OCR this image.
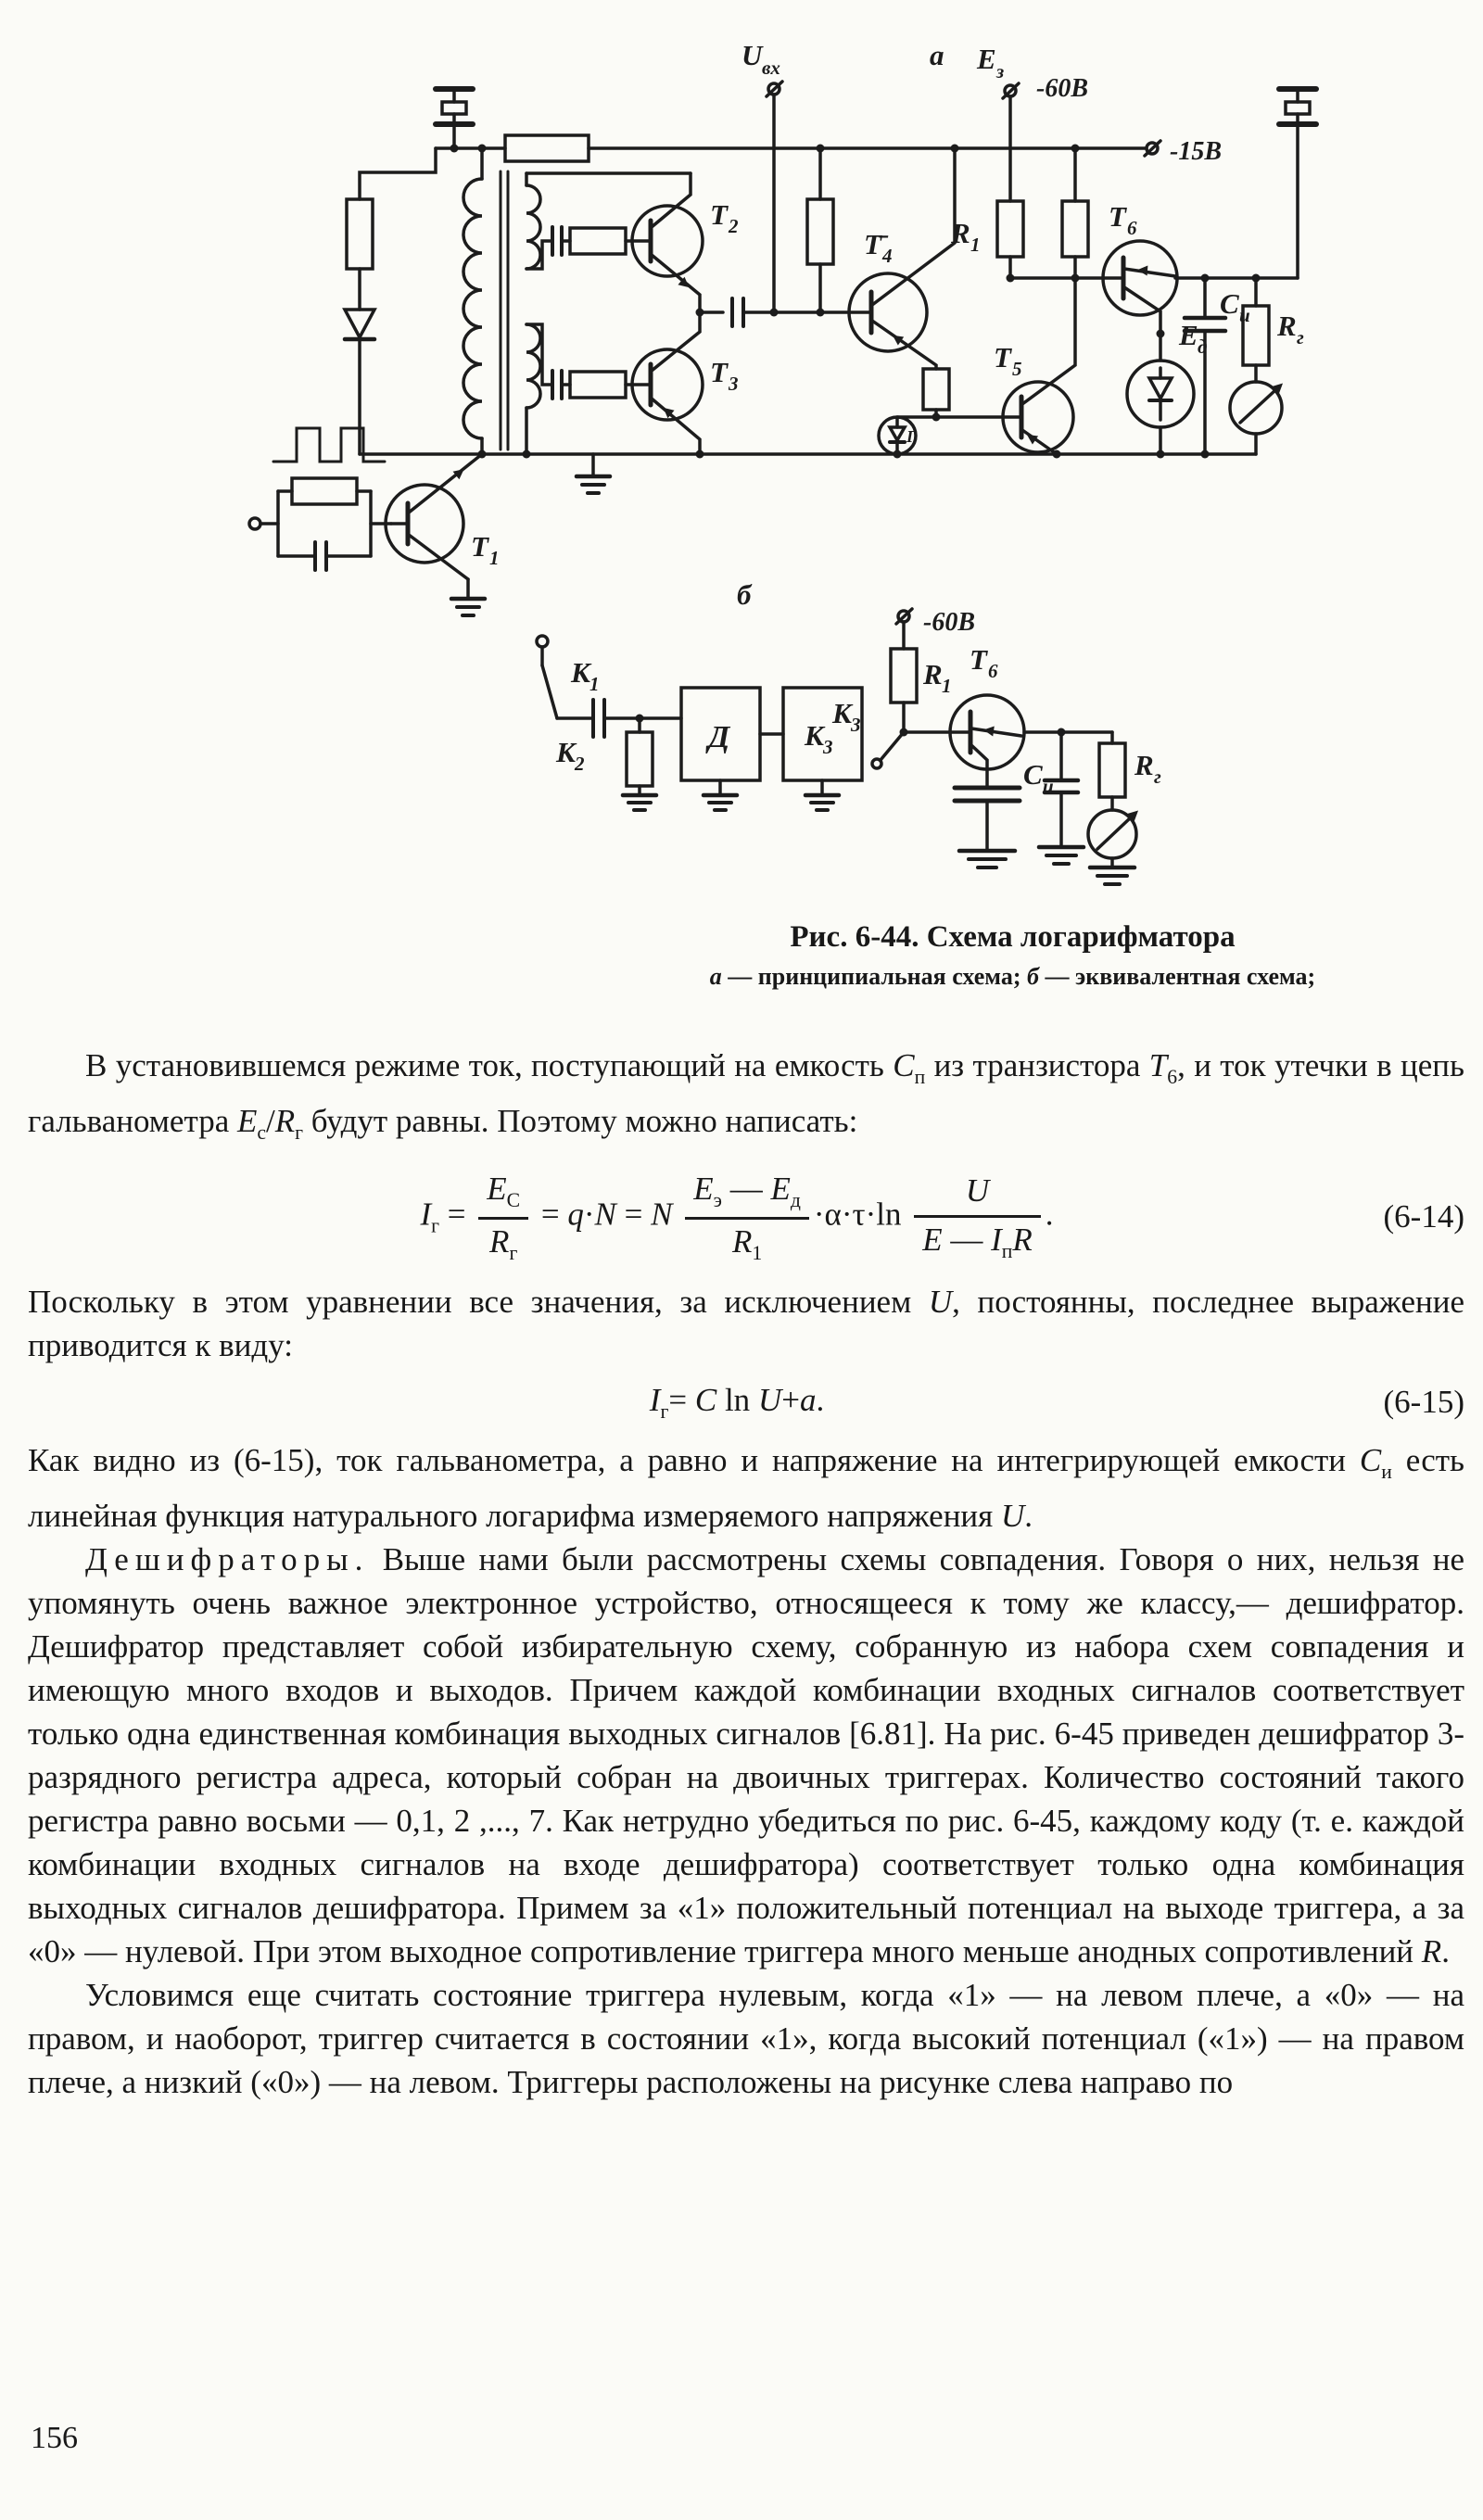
U вх	а Е з
-60В
-15В
R 1
Т 1
Т 2
Т 3
Т̄ 4
Т 5
Т 6
Е д
Г
С и R г
б
К
1
К
2
Д	К
3
К
3
-60В
R 1
Т 6
С и
R г
Рис. 6-44. Схема логарифматора
а — принципиальная схема; б — эквивалентная схема;

В установившемся режиме ток, поступающий на емкость $С_п$ из транзистора $Т_6$, и ток утечки в цепь гальванометра $Е_с/R_г$ будут равны. Поэтому можно написать:

$I_г = \frac{Е_С}{R_г} = q\cdot N = N \frac{Е_э — Е_д}{R_1} \cdot\alpha\cdot\tau\cdot\ln \frac{U}{Е — I_пR}$ .	(6-14)

Поскольку в этом уравнении все значения, за исключением U, постоянны, последнее выражение приводится к виду:

$I_г= C$ ln U+a.	(6-15)

Как видно из (6-15), ток гальванометра, а равно и напряжение на интегрирующей емкости $С_и$ есть линейная функция натурального логарифма измеряемого напряжения U.

Дешифраторы. Выше нами были рассмотрены схемы совпадения. Говоря о них, нельзя не упомянуть очень важное электронное устройство, относящееся к тому же классу,— дешифратор. Дешифратор представляет собой избирательную схему, собранную из набора схем совпадения и имеющую много входов и выходов. Причем каждой комбинации входных сигналов соответствует только одна единственная комбинация выходных сигналов [6.81]. На рис. 6-45 приведен дешифратор 3-разрядного регистра адреса, который собран на двоичных триггерах. Количество состояний такого регистра равно восьми — 0,1, 2 ,..., 7. Как нетрудно убедиться по рис. 6-45, каждому коду (т. е. каждой комбинации входных сигналов на входе дешифратора) соответствует только одна комбинация выходных сигналов дешифратора. Примем за «1» положительный потенциал на выходе триггера, а за «0» — нулевой. При этом выходное сопротивление триггера много меньше анодных сопротивлений R.

Условимся еще считать состояние триггера нулевым, когда «1» — на левом плече, а «0» — на правом, и наоборот, триггер считается в состоянии «1», когда высокий потенциал («1») — на правом плече, а низкий («0») — на левом. Триггеры расположены на рисунке слева направо по

156
